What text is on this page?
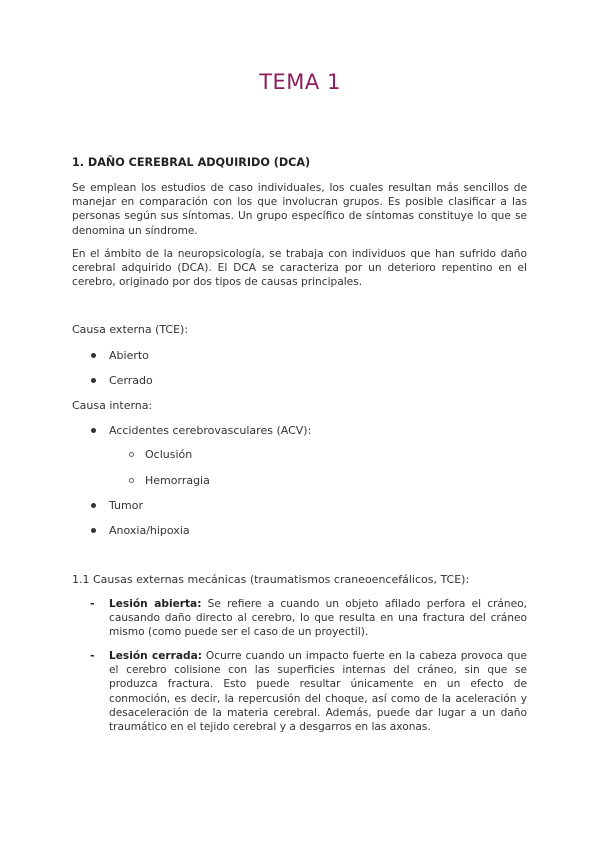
TEMA 1
1. DAÑO CEREBRAL ADQUIRIDO (DCA)
Se emplean los estudios de caso individuales, los cuales resultan más sencillos de manejar en comparación con los que involucran grupos. Es posible clasificar a las personas según sus síntomas. Un grupo específico de síntomas constituye lo que se denomina un síndrome.
En el ámbito de la neuropsicología, se trabaja con individuos que han sufrido daño cerebral adquirido (DCA). El DCA se caracteriza por un deterioro repentino en el cerebro, originado por dos tipos de causas principales.
Causa externa (TCE):
Abierto
Cerrado
Causa interna:
Accidentes cerebrovasculares (ACV):
Oclusión
Hemorragia
Tumor
Anoxia/hipoxia
1.1 Causas externas mecánicas (traumatismos craneoencefálicos, TCE):
- Lesión abierta: Se refiere a cuando un objeto afilado perfora el cráneo, causando daño directo al cerebro, lo que resulta en una fractura del cráneo mismo (como puede ser el caso de un proyectil).
- Lesión cerrada: Ocurre cuando un impacto fuerte en la cabeza provoca que el cerebro colisione con las superficies internas del cráneo, sin que se produzca fractura. Esto puede resultar únicamente en un efecto de conmoción, es decir, la repercusión del choque, así como de la aceleración y desaceleración de la materia cerebral. Además, puede dar lugar a un daño traumático en el tejido cerebral y a desgarros en las axonas.
